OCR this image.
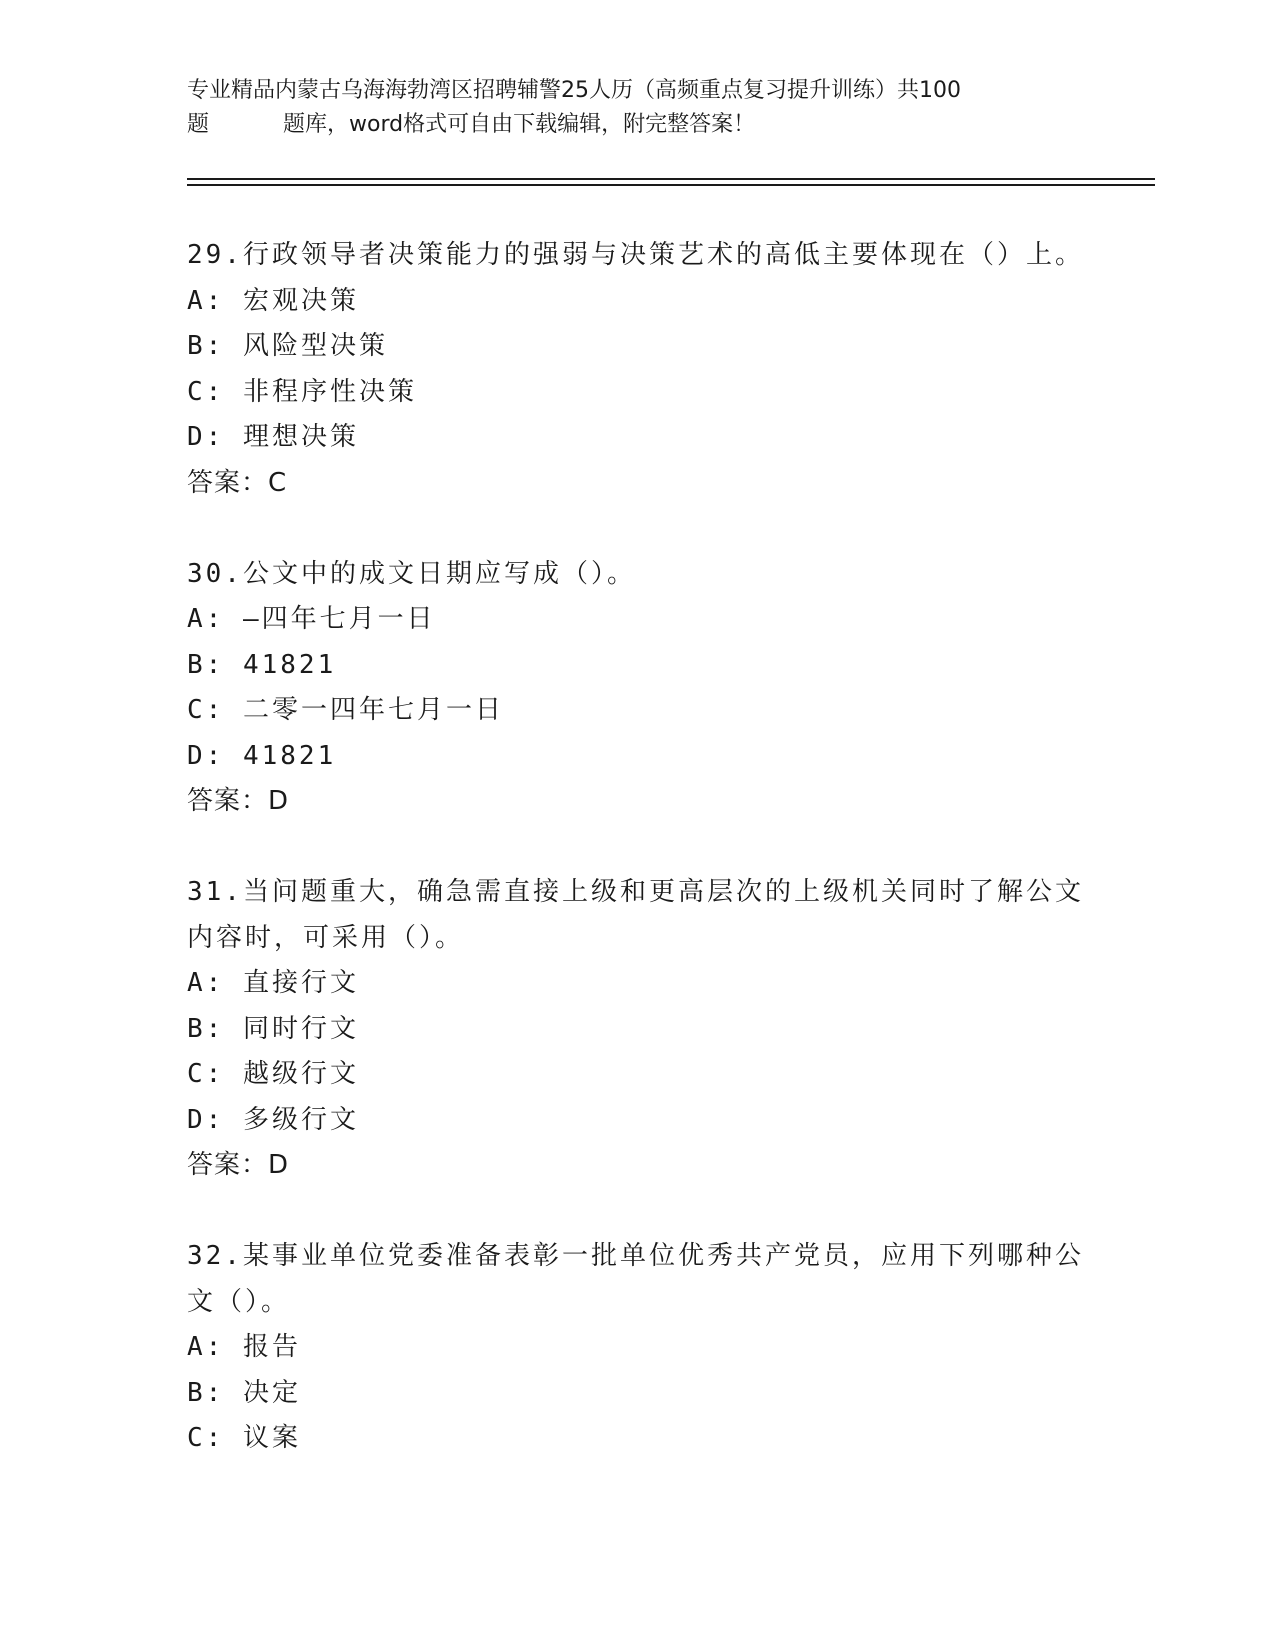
专业精品内蒙古乌海海勃湾区招聘辅警25人历（高频重点复习提升训练）共100
题	题库，word格式可自由下载编辑，附完整答案！
29.行政领导者决策能力的强弱与决策艺术的高低主要体现在（）上。
A: 宏观决策
B: 风险型决策
C: 非程序性决策
D: 理想决策
答案：C
30.公文中的成文日期应写成（）。
A: —四年七月一日
B: 41821
C: 二零一四年七月一日
D: 41821
答案：D
31.当问题重大，确急需直接上级和更高层次的上级机关同时了解公文内容时，可采用（）。
A: 直接行文
B: 同时行文
C: 越级行文
D: 多级行文
答案：D
32.某事业单位党委准备表彰一批单位优秀共产党员，应用下列哪种公文（）。
A: 报告
B: 决定
C: 议案
